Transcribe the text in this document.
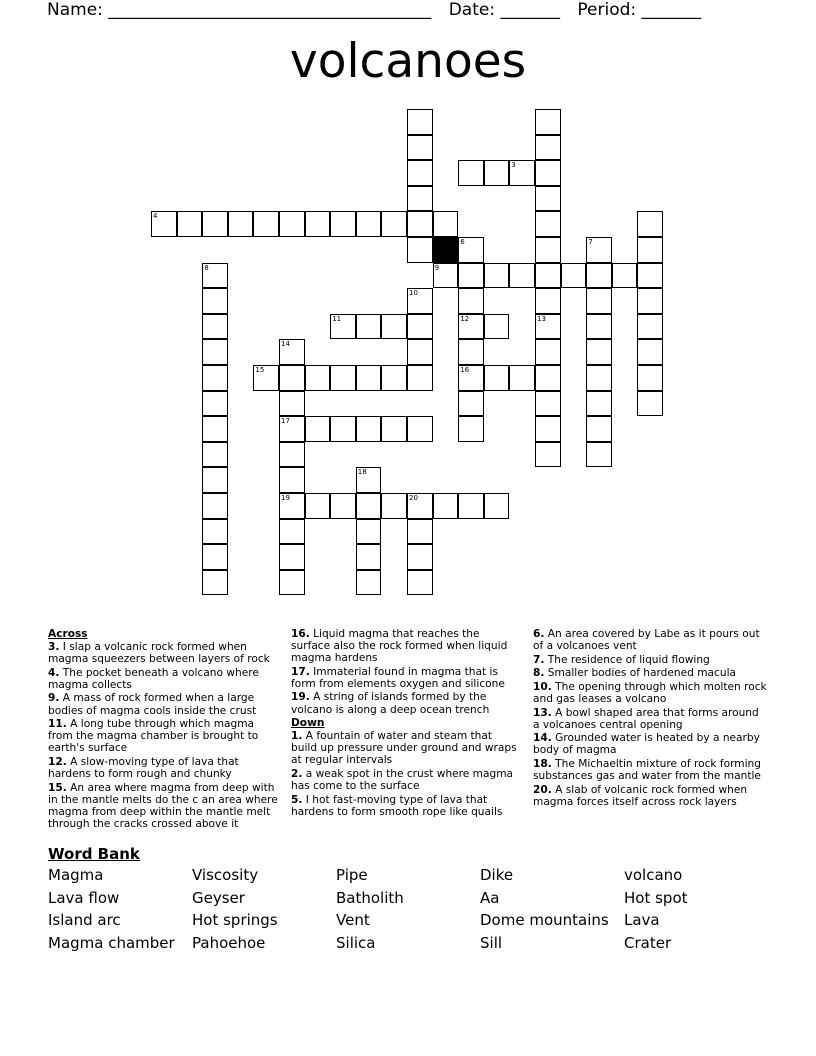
Name: ______________________________________ Date: _______ Period: _______
volcanoes
13
3
4
6
12
16
7
8	9
10
11
14
17
19
15
18
20
Across
3. I slap a volcanic rock formed when magma squeezers between layers of rock
4. The pocket beneath a volcano where magma collects
9. A mass of rock formed when a large bodies of magma cools inside the crust
11. A long tube through which magma from the magma chamber is brought to earth's surface
12. A slow-moving type of lava that hardens to form rough and chunky
15. An area where magma from deep with in the mantle melts do the c an area where magma from deep within the mantle melt through the cracks crossed above it
16. Liquid magma that reaches the surface also the rock formed when liquid magma hardens
17. Immaterial found in magma that is form from elements oxygen and silicone
19. A string of islands formed by the volcano is along a deep ocean trench
Down
1. A fountain of water and steam that build up pressure under ground and wraps at regular intervals
2. a weak spot in the crust where magma has come to the surface
5. I hot fast-moving type of lava that hardens to form smooth rope like quails
6. An area covered by Labe as it pours out of a volcanoes vent
7. The residence of liquid flowing
8. Smaller bodies of hardened macula
10. The opening through which molten rock and gas leases a volcano
13. A bowl shaped area that forms around a volcanoes central opening
14. Grounded water is heated by a nearby body of magma
18. The Michaeltin mixture of rock forming substances gas and water from the mantle
20. A slab of volcanic rock formed when magma forces itself across rock layers
Word Bank
Magma
Lava flow
Island arc
Magma chamber
Viscosity
Geyser
Hot springs
Pahoehoe
Pipe
Batholith
Vent
Silica
Dike
Aa
Dome mountains
Sill
volcano
Hot spot
Lava
Crater
